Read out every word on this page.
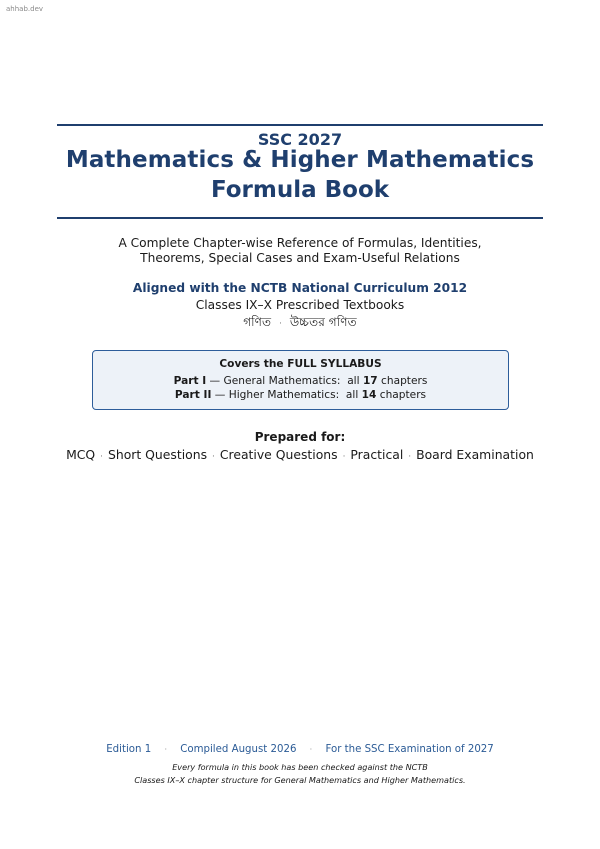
ahhab.dev
SSC 2027
Mathematics & Higher Mathematics
Formula Book
A Complete Chapter-wise Reference of Formulas, Identities,
Theorems, Special Cases and Exam-Useful Relations
Aligned with the NCTB National Curriculum 2012
Classes IX–X Prescribed Textbooks
গণিত · উচ্চতর গণিত
Covers the FULL SYLLABUS
Part I — General Mathematics:  all 17 chapters
Part II — Higher Mathematics:  all 14 chapters
Prepared for:
MCQ · Short Questions · Creative Questions · Practical · Board Examination
Edition 1 · Compiled August 2026 · For the SSC Examination of 2027
Every formula in this book has been checked against the NCTB
Classes IX–X chapter structure for General Mathematics and Higher Mathematics.
